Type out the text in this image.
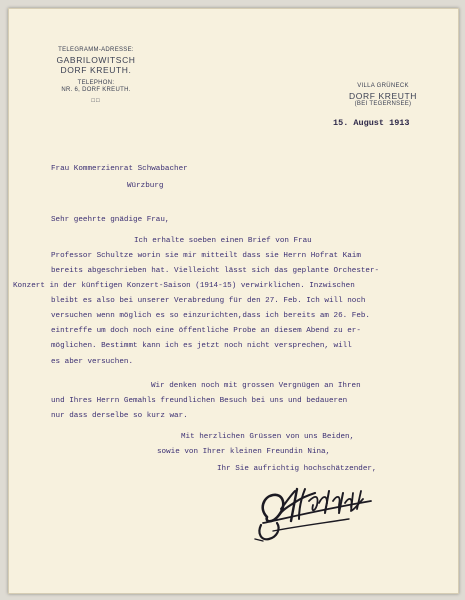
TELEGRAMM-ADRESSE:
GABRILOWITSCH
DORF KREUTH.
TELEPHON:
NR. 6, DORF KREUTH.
□□
VILLA GRÜNECK
DORF KREUTH
(BEI TEGERNSEE)
15. August 1913

Frau Kommerzienrat Schwabacher

Würzburg

Sehr geehrte gnädige Frau,

Ich erhalte soeben einen Brief von Frau

Professor Schultze worin sie mir mitteilt dass sie Herrn Hofrat Kaim

bereits abgeschrieben hat. Vielleicht lässt sich das geplante Orchester-

Konzert in der künftigen Konzert-Saison (1914-15) verwirklichen. Inzwischen

bleibt es also bei unserer Verabredung für den 27. Feb. Ich will noch

versuchen wenn möglich es so einzurichten,dass ich bereits am 26. Feb.

eintreffe um doch noch eine öffentliche Probe an diesem Abend zu er-

möglichen. Bestimmt kann ich es jetzt noch nicht versprechen, will

es aber versuchen.

Wir denken noch mit grossen Vergnügen an Ihren

und Ihres Herrn Gemahls freundlichen Besuch bei uns und bedaueren

nur dass derselbe so kurz war.

Mit herzlichen Grüssen von uns Beiden,

sowie von Ihrer kleinen Freundin Nina,

Ihr Sie aufrichtig hochschätzender,
